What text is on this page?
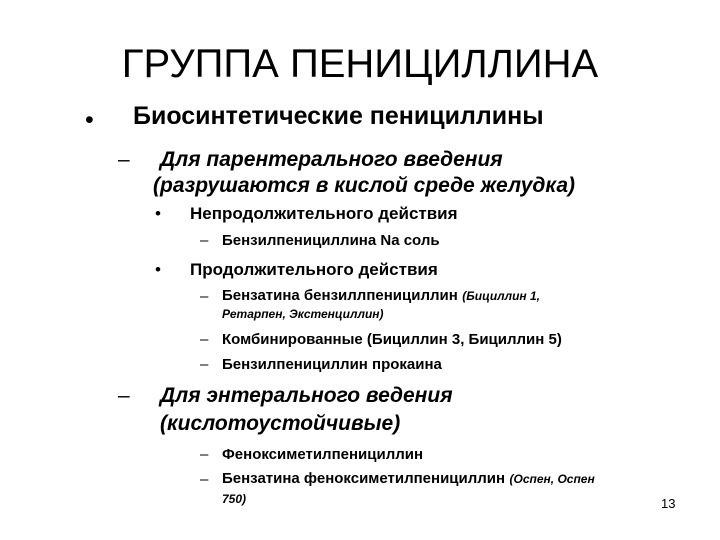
ГРУППА ПЕНИЦИЛЛИНА
• Биосинтетические пенициллины
– Для парентерального введения
(разрушаются в кислой среде желудка)
• Непродолжительного действия
– Бензилпенициллина Na соль
• Продолжительного действия
– Бензатина бензиллпенициллин (Бициллин 1,
Ретарпен, Экстенциллин)
– Комбинированные (Бициллин 3, Бициллин 5)
– Бензилпенициллин прокаина
– Для энтерального ведения
(кислотоустойчивые)
– Феноксиметилпенициллин
– Бензатина феноксиметилпенициллин (Оспен, Оспен
750)	13
